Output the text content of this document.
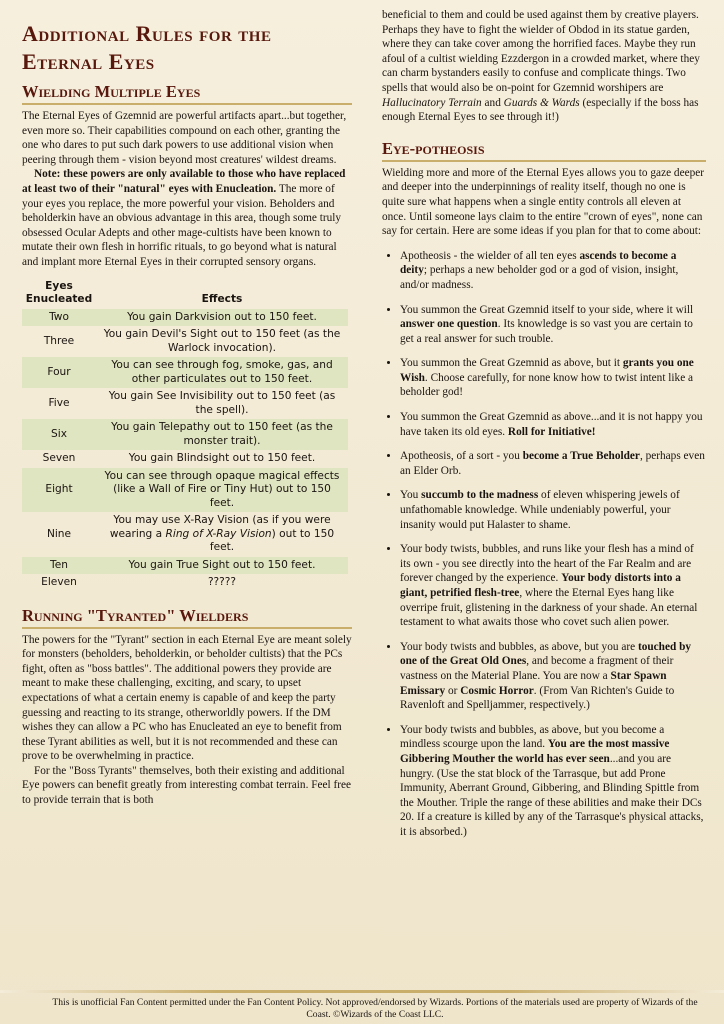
Additional Rules for the Eternal Eyes
Wielding Multiple Eyes

The Eternal Eyes of Gzemnid are powerful artifacts apart...but together, even more so. Their capabilities compound on each other, granting the one who dares to put such dark powers to use additional vision when peering through them - vision beyond most creatures' wildest dreams.

Note: these powers are only available to those who have replaced at least two of their "natural" eyes with Enucleation. The more of your eyes you replace, the more powerful your vision. Beholders and beholderkin have an obvious advantage in this area, though some truly obsessed Ocular Adepts and other mage-cultists have been known to mutate their own flesh in horrific rituals, to go beyond what is natural and implant more Eternal Eyes in their corrupted sensory organs.

Eyes Enucleated	Effects
Two	You gain Darkvision out to 150 feet.
Three	You gain Devil's Sight out to 150 feet (as the Warlock invocation).
Four	You can see through fog, smoke, gas, and other particulates out to 150 feet.
Five	You gain See Invisibility out to 150 feet (as the spell).
Six	You gain Telepathy out to 150 feet (as the monster trait).
Seven	You gain Blindsight out to 150 feet.
Eight	You can see through opaque magical effects (like a Wall of Fire or Tiny Hut) out to 150 feet.
Nine	You may use X-Ray Vision (as if you were wearing a Ring of X-Ray Vision) out to 150 feet.
Ten	You gain True Sight out to 150 feet.
Eleven	?????
Running "Tyranted" Wielders

The powers for the "Tyrant" section in each Eternal Eye are meant solely for monsters (beholders, beholderkin, or beholder cultists) that the PCs fight, often as "boss battles". The additional powers they provide are meant to make these challenging, exciting, and scary, to upset expectations of what a certain enemy is capable of and keep the party guessing and reacting to its strange, otherworldly powers. If the DM wishes they can allow a PC who has Enucleated an eye to benefit from these Tyrant abilities as well, but it is not recommended and these can prove to be overwhelming in practice.

For the "Boss Tyrants" themselves, both their existing and additional Eye powers can benefit greatly from interesting combat terrain. Feel free to provide terrain that is both

beneficial to them and could be used against them by creative players. Perhaps they have to fight the wielder of Obdod in its statue garden, where they can take cover among the horrified faces. Maybe they run afoul of a cultist wielding Ezzdergon in a crowded market, where they can charm bystanders easily to confuse and complicate things. Two spells that would also be on-point for Gzemnid worshipers are Hallucinatory Terrain and Guards & Wards (especially if the boss has enough Eternal Eyes to see through it!)

Eye-potheosis

Wielding more and more of the Eternal Eyes allows you to gaze deeper and deeper into the underpinnings of reality itself, though no one is quite sure what happens when a single entity controls all eleven at once. Until someone lays claim to the entire "crown of eyes", none can say for certain. Here are some ideas if you plan for that to come about:

• Apotheosis - the wielder of all ten eyes ascends to become a deity; perhaps a new beholder god or a god of vision, insight, and/or madness.
• You summon the Great Gzemnid itself to your side, where it will answer one question. Its knowledge is so vast you are certain to get a real answer for such trouble.
• You summon the Great Gzemnid as above, but it grants you one Wish. Choose carefully, for none know how to twist intent like a beholder god!
• You summon the Great Gzemnid as above...and it is not happy you have taken its old eyes. Roll for Initiative!
• Apotheosis, of a sort - you become a True Beholder, perhaps even an Elder Orb.
• You succumb to the madness of eleven whispering jewels of unfathomable knowledge. While undeniably powerful, your insanity would put Halaster to shame.
• Your body twists, bubbles, and runs like your flesh has a mind of its own - you see directly into the heart of the Far Realm and are forever changed by the experience. Your body distorts into a giant, petrified flesh-tree, where the Eternal Eyes hang like overripe fruit, glistening in the darkness of your shade. An eternal testament to what awaits those who covet such alien power.
• Your body twists and bubbles, as above, but you are touched by one of the Great Old Ones, and become a fragment of their vastness on the Material Plane. You are now a Star Spawn Emissary or Cosmic Horror. (From Van Richten's Guide to Ravenloft and Spelljammer, respectively.)
• Your body twists and bubbles, as above, but you become a mindless scourge upon the land. You are the most massive Gibbering Mouther the world has ever seen...and you are hungry. (Use the stat block of the Tarrasque, but add Prone Immunity, Aberrant Ground, Gibbering, and Blinding Spittle from the Mouther. Triple the range of these abilities and make their DCs 20. If a creature is killed by any of the Tarrasque's physical attacks, it is absorbed.)
This is unofficial Fan Content permitted under the Fan Content Policy. Not approved/endorsed by Wizards. Portions of the materials used are property of Wizards of the Coast. ©Wizards of the Coast LLC.
